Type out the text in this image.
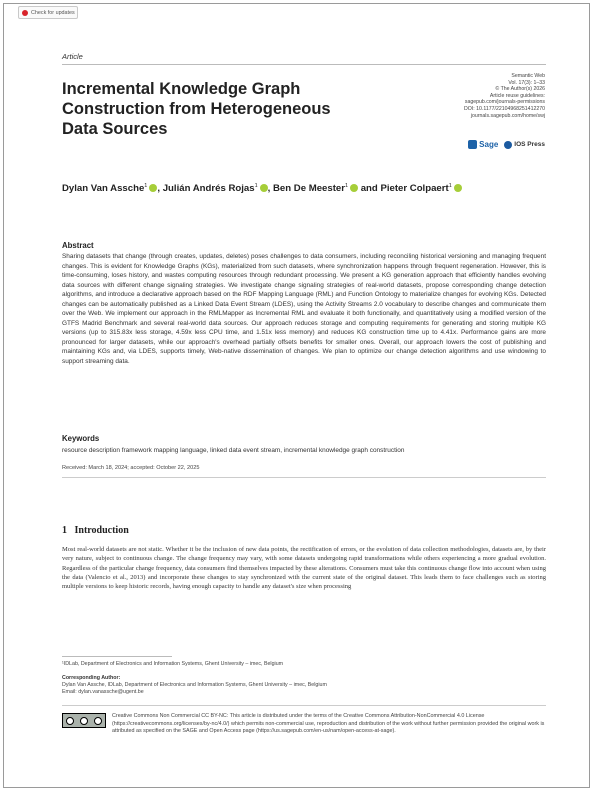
Check for updates
Article
Incremental Knowledge Graph Construction from Heterogeneous Data Sources
Semantic Web
Vol. 17(3): 1–33
© The Author(s) 2026
Article reuse guidelines:
sagepub.com/journals-permissions
DOI: 10.1177/22104968251412270
journals.sagepub.com/home/swj
Sage IOS Press

Dylan Van Assche$^1$ , Julián Andrés Rojas$^1$ , Ben De Meester$^1$ and Pieter Colpaert$^1$

Abstract

Sharing datasets that change (through creates, updates, deletes) poses challenges to data consumers, including reconciling historical versioning and managing frequent changes. This is evident for Knowledge Graphs (KGs), materialized from such datasets, where synchronization happens through frequent regeneration. However, this is time-consuming, loses history, and wastes computing resources through redundant processing. We present a KG generation approach that efficiently handles evolving data sources with different change signaling strategies. We investigate change signaling strategies of real-world datasets, propose corresponding change detection algorithms, and introduce a declarative approach based on the RDF Mapping Language (RML) and Function Ontology to materialize changes for evolving KGs. Detected changes can be automatically published as a Linked Data Event Stream (LDES), using the Activity Streams 2.0 vocabulary to describe changes and communicate them over the Web. We implement our approach in the RMLMapper as Incremental RML and evaluate it both functionally, and quantitatively using a modified version of the GTFS Madrid Benchmark and several real-world data sources. Our approach reduces storage and computing requirements for generating and storing multiple KG versions (up to 315.83x less storage, 4.59x less CPU time, and 1.51x less memory) and reduces KG construction time up to 4.41x. Performance gains are more pronounced for larger datasets, while our approach's overhead partially offsets benefits for smaller ones. Overall, our approach lowers the cost of publishing and maintaining KGs and, via LDES, supports timely, Web-native dissemination of changes. We plan to optimize our change detection algorithms and use windowing to support streaming data.

Keywords

resource description framework mapping language, linked data event stream, incremental knowledge graph construction

Received: March 18, 2024; accepted: October 22, 2025
1 Introduction

Most real-world datasets are not static. Whether it be the inclusion of new data points, the rectification of errors, or the evolution of data collection methodologies, datasets are, by their very nature, subject to continuous change. The change frequency may vary, with some datasets undergoing rapid transformations while others experiencing a more gradual evolution. Regardless of the particular change frequency, data consumers find themselves impacted by these alterations. Consumers must take this continuous change flow into account when using the data (Valencio et al., 2013) and incorporate these changes to stay synchronized with the current state of the original dataset. This leads them to face challenges such as storing multiple versions to keep historic records, having enough capacity to handle any dataset's size when processing

¹IDLab, Department of Electronics and Information Systems, Ghent University – imec, Belgium
Corresponding Author:
Dylan Van Assche, IDLab, Department of Electronics and Information Systems, Ghent University – imec, Belgium
Email: dylan.vanassche@ugent.be

Creative Commons Non Commercial CC BY-NC: This article is distributed under the terms of the Creative Commons Attribution-NonCommercial 4.0 License (https://creativecommons.org/licenses/by-nc/4.0/) which permits non-commercial use, reproduction and distribution of the work without further permission provided the original work is attributed as specified on the SAGE and Open Access page (https://us.sagepub.com/en-us/nam/open-access-at-sage).
